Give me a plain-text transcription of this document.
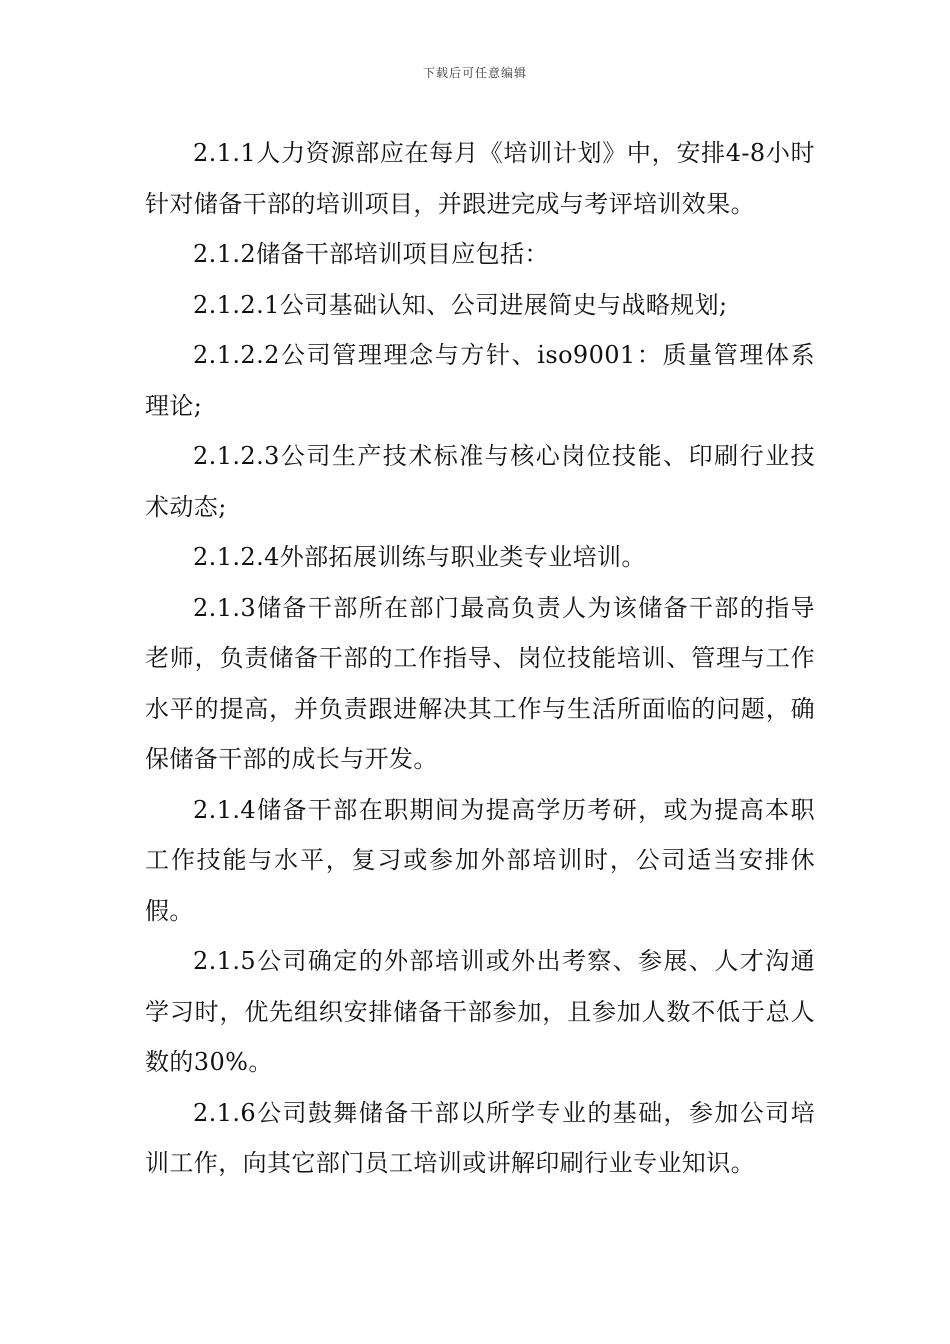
下载后可任意编辑

2.1.1人力资源部应在每月《培训计划》中，安排4-8小时针对储备干部的培训项目，并跟进完成与考评培训效果。

2.1.2储备干部培训项目应包括：

2.1.2.1公司基础认知、公司进展简史与战略规划;

2.1.2.2公司管理理念与方针、iso9001：质量管理体系理论;

2.1.2.3公司生产技术标准与核心岗位技能、印刷行业技术动态;

2.1.2.4外部拓展训练与职业类专业培训。

2.1.3储备干部所在部门最高负责人为该储备干部的指导老师，负责储备干部的工作指导、岗位技能培训、管理与工作水平的提高，并负责跟进解决其工作与生活所面临的问题，确保储备干部的成长与开发。

2.1.4储备干部在职期间为提高学历考研，或为提高本职工作技能与水平，复习或参加外部培训时，公司适当安排休假。

2.1.5公司确定的外部培训或外出考察、参展、人才沟通学习时，优先组织安排储备干部参加，且参加人数不低于总人数的30%。

2.1.6公司鼓舞储备干部以所学专业的基础，参加公司培训工作，向其它部门员工培训或讲解印刷行业专业知识。
